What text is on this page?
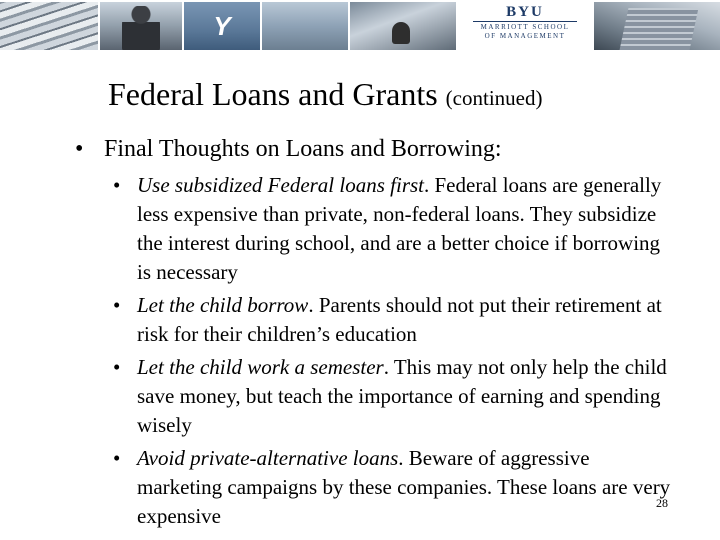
Y	BYU
MARRIOTT SCHOOL
OF MANAGEMENT
Federal Loans and Grants (continued)
• Final Thoughts on Loans and Borrowing:
• Use subsidized Federal loans first. Federal loans are generally less expensive than private, non-federal loans. They subsidize the interest during school, and are a better choice if borrowing is necessary
• Let the child borrow. Parents should not put their retirement at risk for their children’s education
• Let the child work a semester. This may not only help the child save money, but teach the importance of earning and spending wisely
• Avoid private-alternative loans. Beware of aggressive marketing campaigns by these companies. These loans are very expensive
28
